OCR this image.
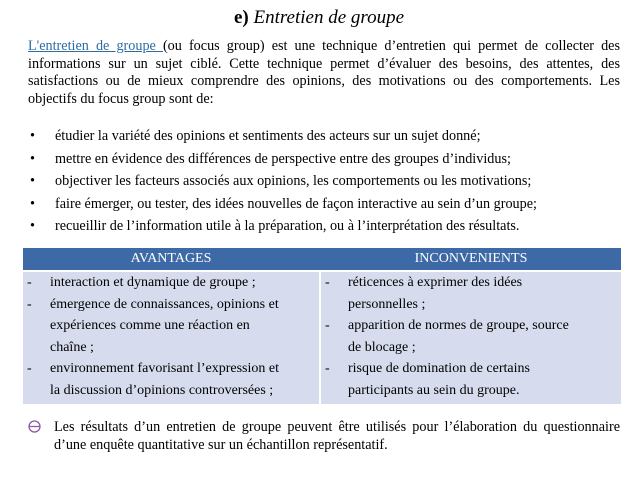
e) Entretien de groupe
L'entretien de groupe (ou focus group) est une technique d’entretien qui permet de collecter des informations sur un sujet ciblé. Cette technique permet d’évaluer des besoins, des attentes, des satisfactions ou de mieux comprendre des opinions, des motivations ou des comportements. Les objectifs du focus group sont de:
• étudier la variété des opinions et sentiments des acteurs sur un sujet donné;
• mettre en évidence des différences de perspective entre des groupes d’individus;
• objectiver les facteurs associés aux opinions, les comportements ou les motivations;
• faire émerger, ou tester, des idées nouvelles de façon interactive au sein d’un groupe;
• recueillir de l’information utile à la préparation, ou à l’interprétation des résultats.
AVANTAGES	INCONVENIENTS
- interaction et dynamique de groupe ;
- émergence de connaissances, opinions et
expériences comme une réaction en
chaîne ;
- environnement favorisant l’expression et
la discussion d’opinions controversées ;
- réticences à exprimer des idées
personnelles ;
- apparition de normes de groupe, source
de blocage ;
- risque de domination de certains
participants au sein du groupe.
Les résultats d’un entretien de groupe peuvent être utilisés pour l’élaboration du questionnaire d’une enquête quantitative sur un échantillon représentatif.
